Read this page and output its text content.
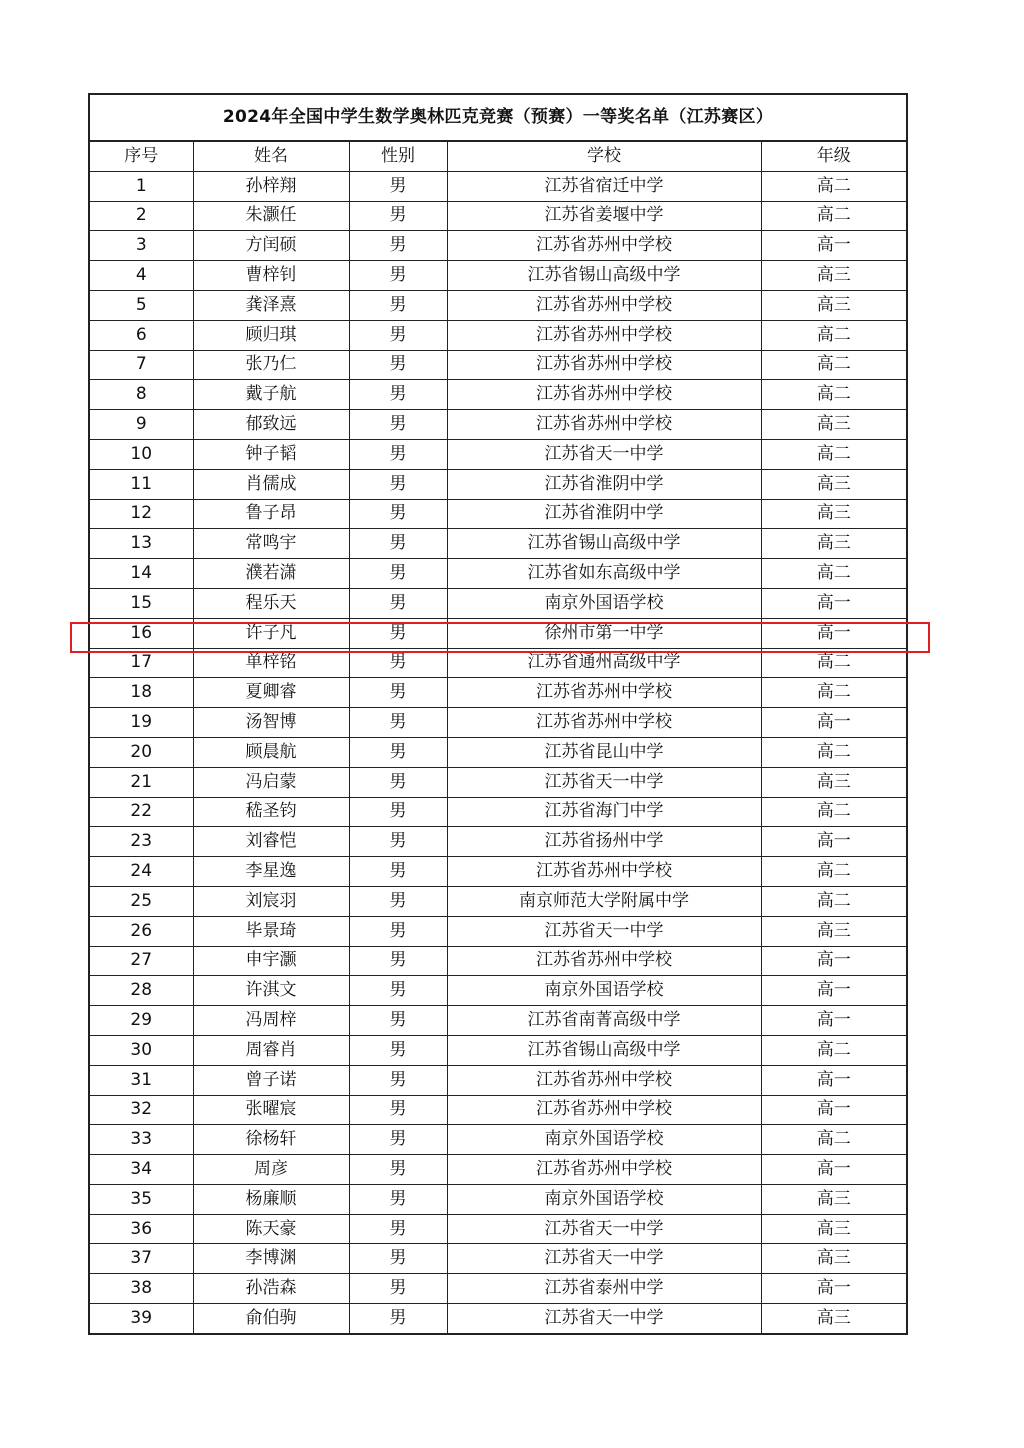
2024年全国中学生数学奥林匹克竞赛（预赛）一等奖名单（江苏赛区）				
序号	姓名	性别	学校	年级
1	孙梓翔	男	江苏省宿迁中学	高二
2	朱灏任	男	江苏省姜堰中学	高二
3	方闰硕	男	江苏省苏州中学校	高一
4	曹梓钊	男	江苏省锡山高级中学	高三
5	龚泽熹	男	江苏省苏州中学校	高三
6	顾归琪	男	江苏省苏州中学校	高二
7	张乃仁	男	江苏省苏州中学校	高二
8	戴子航	男	江苏省苏州中学校	高二
9	郁致远	男	江苏省苏州中学校	高三
10	钟子韬	男	江苏省天一中学	高二
11	肖儒成	男	江苏省淮阴中学	高三
12	鲁子昂	男	江苏省淮阴中学	高三
13	常鸣宇	男	江苏省锡山高级中学	高三
14	濮若潇	男	江苏省如东高级中学	高二
15	程乐天	男	南京外国语学校	高一
16	许子凡	男	徐州市第一中学	高一
17	单梓铭	男	江苏省通州高级中学	高二
18	夏卿睿	男	江苏省苏州中学校	高二
19	汤智博	男	江苏省苏州中学校	高一
20	顾晨航	男	江苏省昆山中学	高二
21	冯启蒙	男	江苏省天一中学	高三
22	嵇圣钧	男	江苏省海门中学	高二
23	刘睿恺	男	江苏省扬州中学	高一
24	李星逸	男	江苏省苏州中学校	高二
25	刘宸羽	男	南京师范大学附属中学	高二
26	毕景琦	男	江苏省天一中学	高三
27	申宇灏	男	江苏省苏州中学校	高一
28	许淇文	男	南京外国语学校	高一
29	冯周梓	男	江苏省南菁高级中学	高一
30	周睿肖	男	江苏省锡山高级中学	高二
31	曾子诺	男	江苏省苏州中学校	高一
32	张曜宸	男	江苏省苏州中学校	高一
33	徐杨轩	男	南京外国语学校	高二
34	周彦	男	江苏省苏州中学校	高一
35	杨廉顺	男	南京外国语学校	高三
36	陈天豪	男	江苏省天一中学	高三
37	李博渊	男	江苏省天一中学	高三
38	孙浩森	男	江苏省泰州中学	高一
39	俞伯驹	男	江苏省天一中学	高三
